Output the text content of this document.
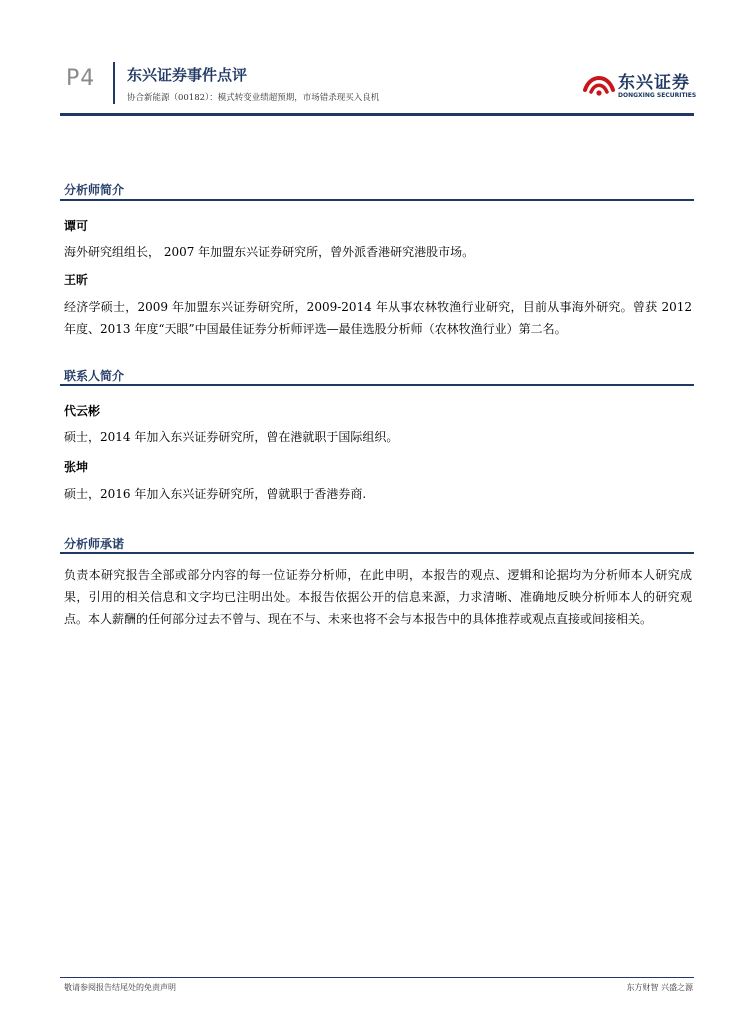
P4 东兴证券事件点评
协合新能源（00182）：模式转变业绩超预期，市场错杀现买入良机
东兴证券
DONGXING SECURITIES
分析师简介
谭可

海外研究组组长， 2007 年加盟东兴证券研究所，曾外派香港研究港股市场。

王昕

经济学硕士，2009 年加盟东兴证券研究所，2009-2014 年从事农林牧渔行业研究，目前从事海外研究。曾获 2012 年度、2013 年度“天眼”中国最佳证券分析师评选—最佳选股分析师（农林牧渔行业）第二名。

联系人简介
代云彬

硕士，2014 年加入东兴证券研究所，曾在港就职于国际组织。

张坤

硕士，2016 年加入东兴证券研究所，曾就职于香港券商.

分析师承诺

负责本研究报告全部或部分内容的每一位证券分析师，在此申明，本报告的观点、逻辑和论据均为分析师本人研究成果，引用的相关信息和文字均已注明出处。本报告依据公开的信息来源，力求清晰、准确地反映分析师本人的研究观点。本人薪酬的任何部分过去不曾与、现在不与、未来也将不会与本报告中的具体推荐或观点直接或间接相关。

敬请参阅报告结尾处的免责声明	东方财智 兴盛之源
